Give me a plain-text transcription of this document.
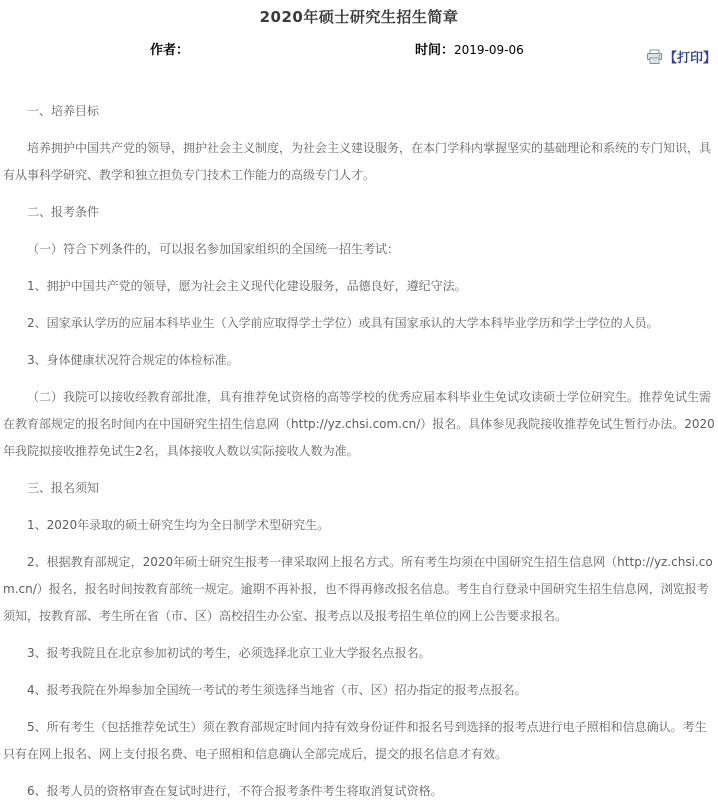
2020年硕士研究生招生简章
作者：	时间：2019-09-06
【打印】

一、培养目标

培养拥护中国共产党的领导，拥护社会主义制度，为社会主义建设服务，在本门学科内掌握坚实的基础理论和系统的专门知识，具有从事科学研究、教学和独立担负专门技术工作能力的高级专门人才。

二、报考条件

（一）符合下列条件的，可以报名参加国家组织的全国统一招生考试：

1、拥护中国共产党的领导，愿为社会主义现代化建设服务，品德良好，遵纪守法。

2、国家承认学历的应届本科毕业生（入学前应取得学士学位）或具有国家承认的大学本科毕业学历和学士学位的人员。

3、身体健康状况符合规定的体检标准。

（二）我院可以接收经教育部批准，具有推荐免试资格的高等学校的优秀应届本科毕业生免试攻读硕士学位研究生。推荐免试生需在教育部规定的报名时间内在中国研究生招生信息网（http://yz.chsi.com.cn/）报名。具体参见我院接收推荐免试生暂行办法。2020年我院拟接收推荐免试生2名，具体接收人数以实际接收人数为准。

三、报名须知

1、2020年录取的硕士研究生均为全日制学术型研究生。

2、根据教育部规定，2020年硕士研究生报考一律采取网上报名方式。所有考生均须在中国研究生招生信息网（http://yz.chsi.com.cn/）报名，报名时间按教育部统一规定。逾期不再补报，也不得再修改报名信息。考生自行登录中国研究生招生信息网，浏览报考须知，按教育部、考生所在省（市、区）高校招生办公室、报考点以及报考招生单位的网上公告要求报名。

3、报考我院且在北京参加初试的考生，必须选择北京工业大学报名点报名。

4、报考我院在外埠参加全国统一考试的考生须选择当地省（市、区）招办指定的报考点报名。

5、所有考生（包括推荐免试生）须在教育部规定时间内持有效身份证件和报名号到选择的报考点进行电子照相和信息确认。考生只有在网上报名、网上支付报名费、电子照相和信息确认全部完成后，提交的报名信息才有效。

6、报考人员的资格审查在复试时进行，不符合报考条件考生将取消复试资格。
